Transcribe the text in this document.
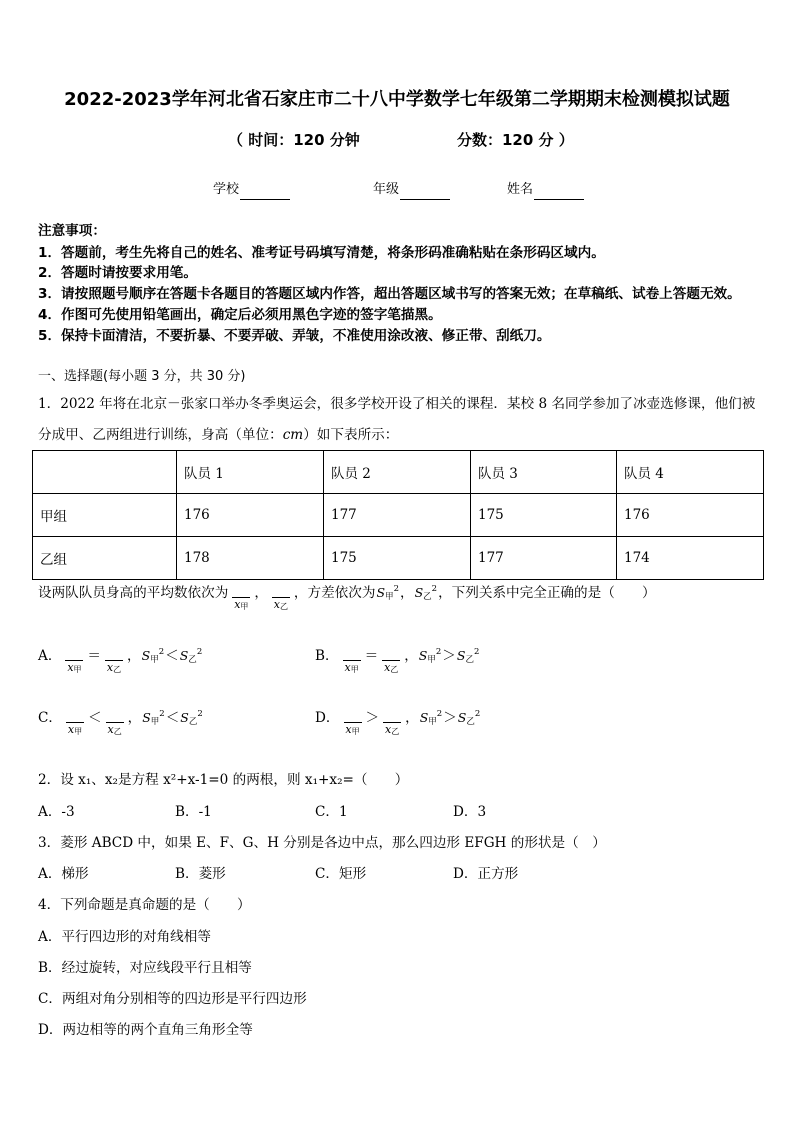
2022-2023学年河北省石家庄市二十八中学数学七年级第二学期期末检测模拟试题
（ 时间：120 分钟	分数：120 分 ）
学校	年级	姓名
注意事项：
1．答题前，考生先将自己的姓名、准考证号码填写清楚，将条形码准确粘贴在条形码区域内。
2．答题时请按要求用笔。
3．请按照题号顺序在答题卡各题目的答题区域内作答，超出答题区域书写的答案无效；在草稿纸、试卷上答题无效。
4．作图可先使用铅笔画出，确定后必须用黑色字迹的签字笔描黑。
5．保持卡面清洁，不要折暴、不要弄破、弄皱，不准使用涂改液、修正带、刮纸刀。
一、选择题(每小题 3 分，共 30 分)
1．2022 年将在北京－张家口举办冬季奥运会，很多学校开设了相关的课程．某校 8 名同学参加了冰壶选修课，他们被
分成甲、乙两组进行训练，身高（单位：cm）如下表所示：
	队员 1	队员 2	队员 3	队员 4
甲组	176	177	175	176
乙组	178	175	177	174
设两队队员身高的平均数依次为
$x_甲$
，
$x_乙$
，方差依次为$S_甲^2$，$S_乙^2$，下列关系中完全正确的是（　　）
A．
$x_甲$
＝
$x_乙$
，$S_甲^2<S_乙^2$	B．
$x_甲$
＝
$x_乙$
，$S_甲^2>S_乙^2$
C．
$x_甲$
＜
$x_乙$
，$S_甲^2<S_乙^2$	D．
$x_甲$
＞
$x_乙$
，$S_甲^2>S_乙^2$
2．设 x₁、x₂是方程 x²+x-1=0 的两根，则 x₁+x₂=（　　）
A．-3	B．-1	C．1	D．3
3．菱形 ABCD 中，如果 E、F、G、H 分别是各边中点，那么四边形 EFGH 的形状是（　）
A．梯形	B．菱形	C．矩形	D．正方形
4．下列命题是真命题的是（　　）
A．平行四边形的对角线相等
B．经过旋转，对应线段平行且相等
C．两组对角分别相等的四边形是平行四边形
D．两边相等的两个直角三角形全等
